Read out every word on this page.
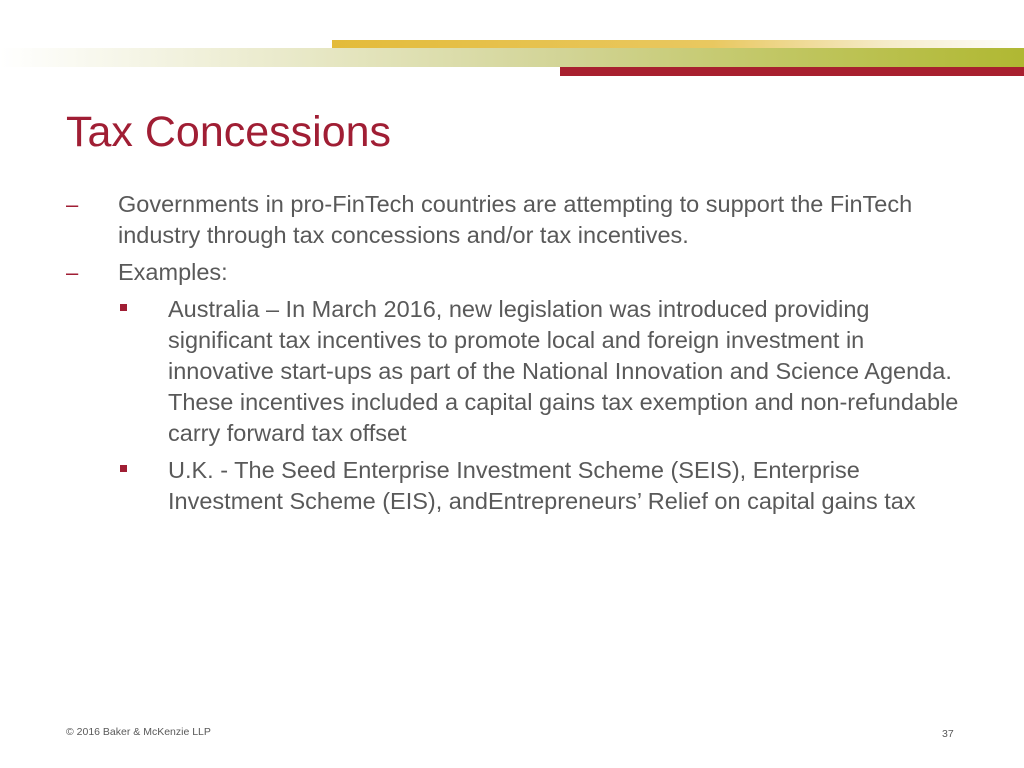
Tax Concessions
– Governments in pro-FinTech countries are attempting to support the FinTech industry through tax concessions and/or tax incentives.
– Examples:
Australia – In March 2016, new legislation was introduced providing significant tax incentives to promote local and foreign investment in innovative start-ups as part of the National Innovation and Science Agenda. These incentives included a capital gains tax exemption and non-refundable carry forward tax offset
U.K. - The Seed Enterprise Investment Scheme (SEIS), Enterprise Investment Scheme (EIS), andEntrepreneurs’ Relief on capital gains tax
© 2016 Baker & McKenzie LLP	37
